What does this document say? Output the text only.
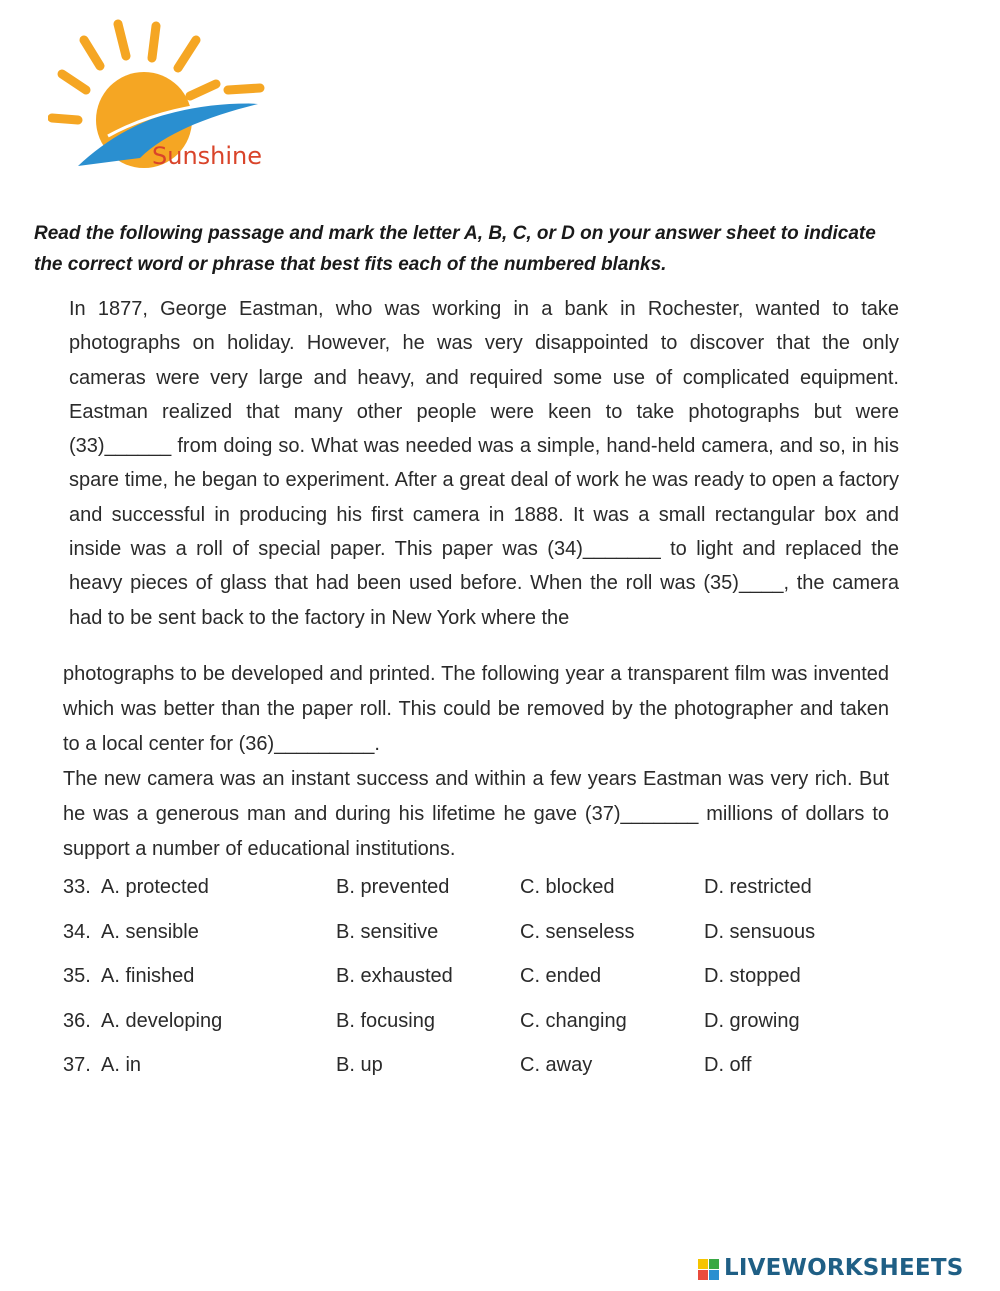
Sunshine
Read the following passage and mark the letter A, B, C, or D on your answer sheet to indicate the correct word or phrase that best fits each of the numbered blanks.

In 1877, George Eastman, who was working in a bank in Rochester, wanted to take photographs on holiday. However, he was very disappointed to discover that the only cameras were very large and heavy, and required some use of complicated equipment. Eastman realized that many other people were keen to take photographs but were (33)______ from doing so. What was needed was a simple, hand-held camera, and so, in his spare time, he began to experiment. After a great deal of work he was ready to open a factory and successful in producing his first camera in 1888. It was a small rectangular box and inside was a roll of special paper. This paper was (34)_______ to light and replaced the heavy pieces of glass that had been used before. When the roll was (35)____, the camera had to be sent back to the factory in New York where the

photographs to be developed and printed. The following year a transparent film was invented which was better than the paper roll. This could be removed by the photographer and taken to a local center for (36)_________.

The new camera was an instant success and within a few years Eastman was very rich. But he was a generous man and during his lifetime he gave (37)_______ millions of dollars to support a number of educational institutions.

33. A. protected	B. prevented	C. blocked	D. restricted
34. A. sensible	B. sensitive	C. senseless	D. sensuous
35. A. finished	B. exhausted	C. ended	D. stopped
36. A. developing	B. focusing	C. changing	D. growing
37. A. in	B. up	C. away	D. off
LIVEWORKSHEETS
